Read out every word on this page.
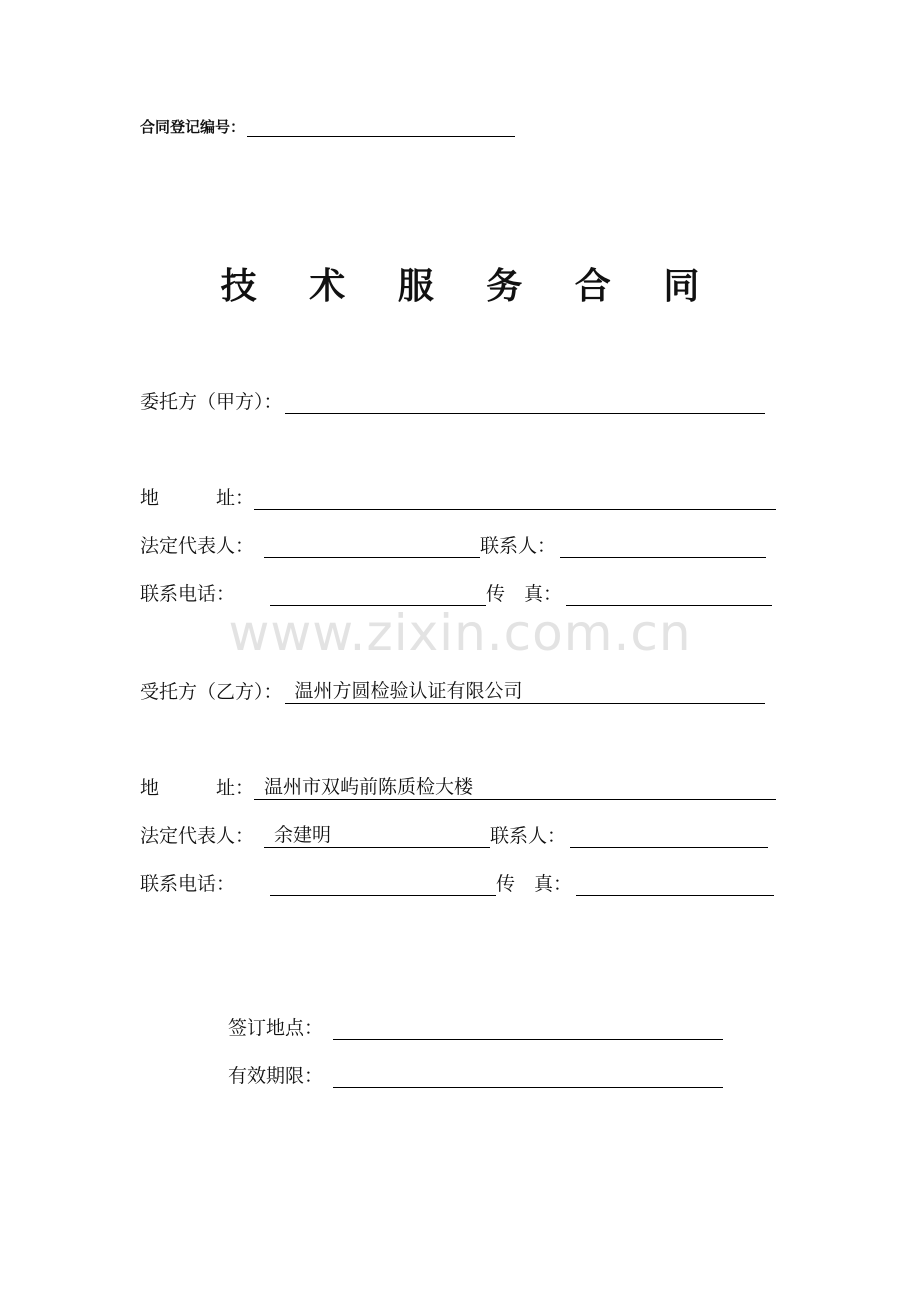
合同登记编号：
技 术 服 务 合 同
委托方（甲方）：
地　　　址：
法定代表人：	联系人：
联系电话：	传　真：
www.zixin.com.cn
受托方（乙方）： 温州方圆检验认证有限公司
地　　　址： 温州市双屿前陈质检大楼
法定代表人：	余建明	联系人：
联系电话：	传　真：
签订地点：
有效期限：
